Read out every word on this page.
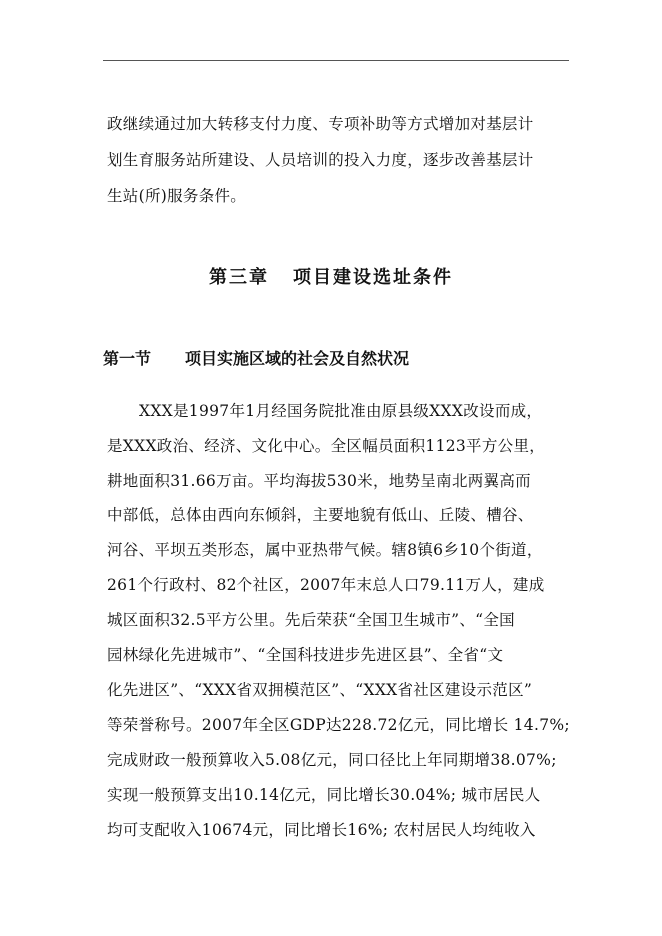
政继续通过加大转移支付力度、专项补助等方式增加对基层计
划生育服务站所建设、人员培训的投入力度，逐步改善基层计
生站(所)服务条件。
第三章 项目建设选址条件
第一节 项目实施区域的社会及自然状况
XXX是1997年1月经国务院批准由原县级XXX改设而成，
是XXX政治、经济、文化中心。全区幅员面积1123平方公里，
耕地面积31.66万亩。平均海拔530米，地势呈南北两翼高而
中部低，总体由西向东倾斜，主要地貌有低山、丘陵、槽谷、
河谷、平坝五类形态，属中亚热带气候。辖8镇6乡10个街道，
261个行政村、82个社区，2007年末总人口79.11万人，建成
城区面积32.5平方公里。先后荣获“全国卫生城市”、“全国
园林绿化先进城市”、“全国科技进步先进区县”、全省“文
化先进区”、“XXX省双拥模范区”、“XXX省社区建设示范区”
等荣誉称号。2007年全区GDP达228.72亿元，同比增长 14.7%;
完成财政一般预算收入5.08亿元，同口径比上年同期增38.07%;
实现一般预算支出10.14亿元，同比增长30.04%; 城市居民人
均可支配收入10674元，同比增长16%; 农村居民人均纯收入
